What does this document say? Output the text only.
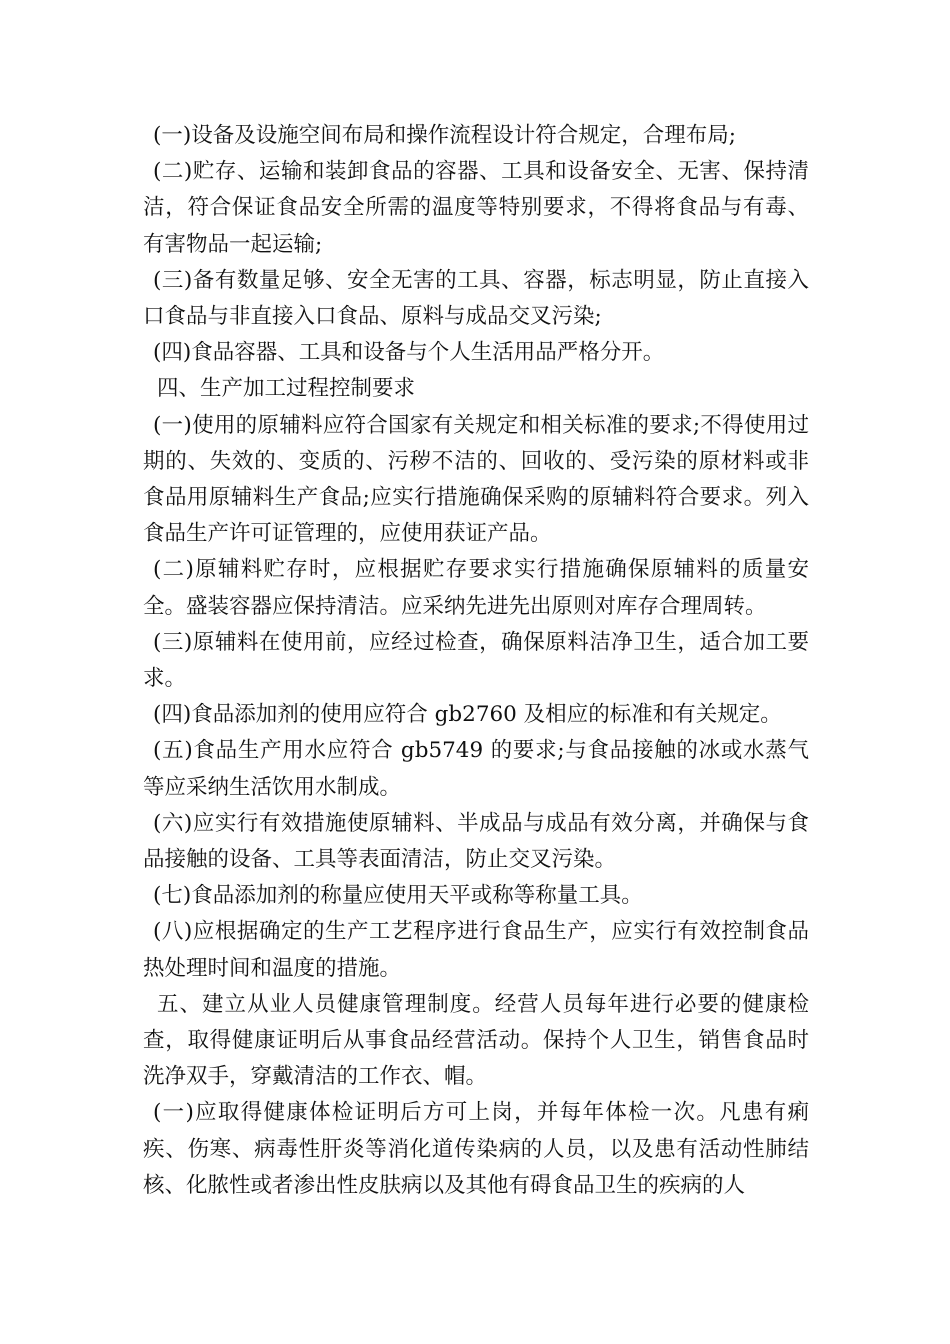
(一)设备及设施空间布局和操作流程设计符合规定，合理布局;

(二)贮存、运输和装卸食品的容器、工具和设备安全、无害、保持清洁，符合保证食品安全所需的温度等特别要求，不得将食品与有毒、有害物品一起运输;

(三)备有数量足够、安全无害的工具、容器，标志明显，防止直接入口食品与非直接入口食品、原料与成品交叉污染;

(四)食品容器、工具和设备与个人生活用品严格分开。

四、生产加工过程控制要求

(一)使用的原辅料应符合国家有关规定和相关标准的要求;不得使用过期的、失效的、变质的、污秽不洁的、回收的、受污染的原材料或非食品用原辅料生产食品;应实行措施确保采购的原辅料符合要求。列入食品生产许可证管理的，应使用获证产品。

(二)原辅料贮存时，应根据贮存要求实行措施确保原辅料的质量安全。盛装容器应保持清洁。应采纳先进先出原则对库存合理周转。

(三)原辅料在使用前，应经过检查，确保原料洁净卫生，适合加工要求。

(四)食品添加剂的使用应符合 gb2760 及相应的标准和有关规定。

(五)食品生产用水应符合 gb5749 的要求;与食品接触的冰或水蒸气等应采纳生活饮用水制成。

(六)应实行有效措施使原辅料、半成品与成品有效分离，并确保与食品接触的设备、工具等表面清洁，防止交叉污染。

(七)食品添加剂的称量应使用天平或称等称量工具。

(八)应根据确定的生产工艺程序进行食品生产，应实行有效控制食品热处理时间和温度的措施。

五、建立从业人员健康管理制度。经营人员每年进行必要的健康检查，取得健康证明后从事食品经营活动。保持个人卫生，销售食品时洗净双手，穿戴清洁的工作衣、帽。

(一)应取得健康体检证明后方可上岗，并每年体检一次。凡患有痢疾、伤寒、病毒性肝炎等消化道传染病的人员，以及患有活动性肺结核、化脓性或者渗出性皮肤病以及其他有碍食品卫生的疾病的人
